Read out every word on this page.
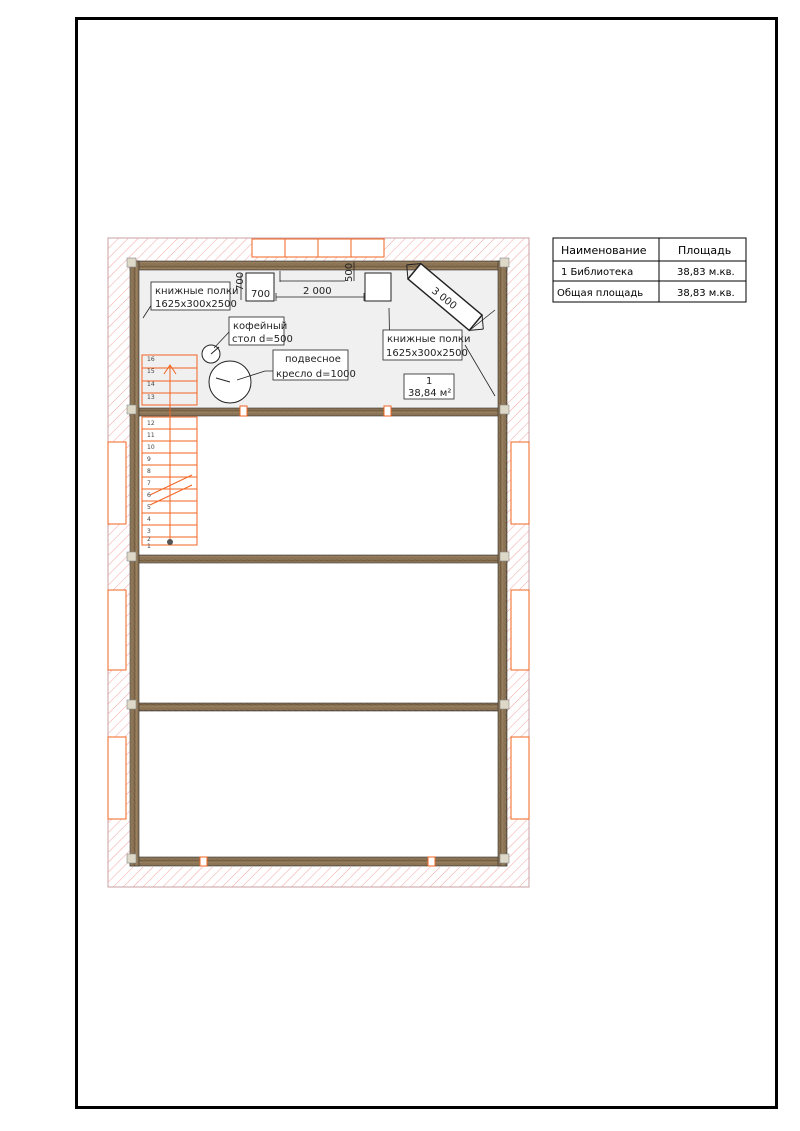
16
15
14
13
12
11
10
9
8
7
6
5
4
3
2
1
книжные полки
1625х300х2500
кофейный
стол d=500
подвесное
кресло d=1000
книжные полки
1625х300х2500
1
38,84 м²
700
700	2 000
500
3 000
Наименование	Площадь
1 Библиотека	38,83 м.кв.
Общая площадь	38,83 м.кв.
